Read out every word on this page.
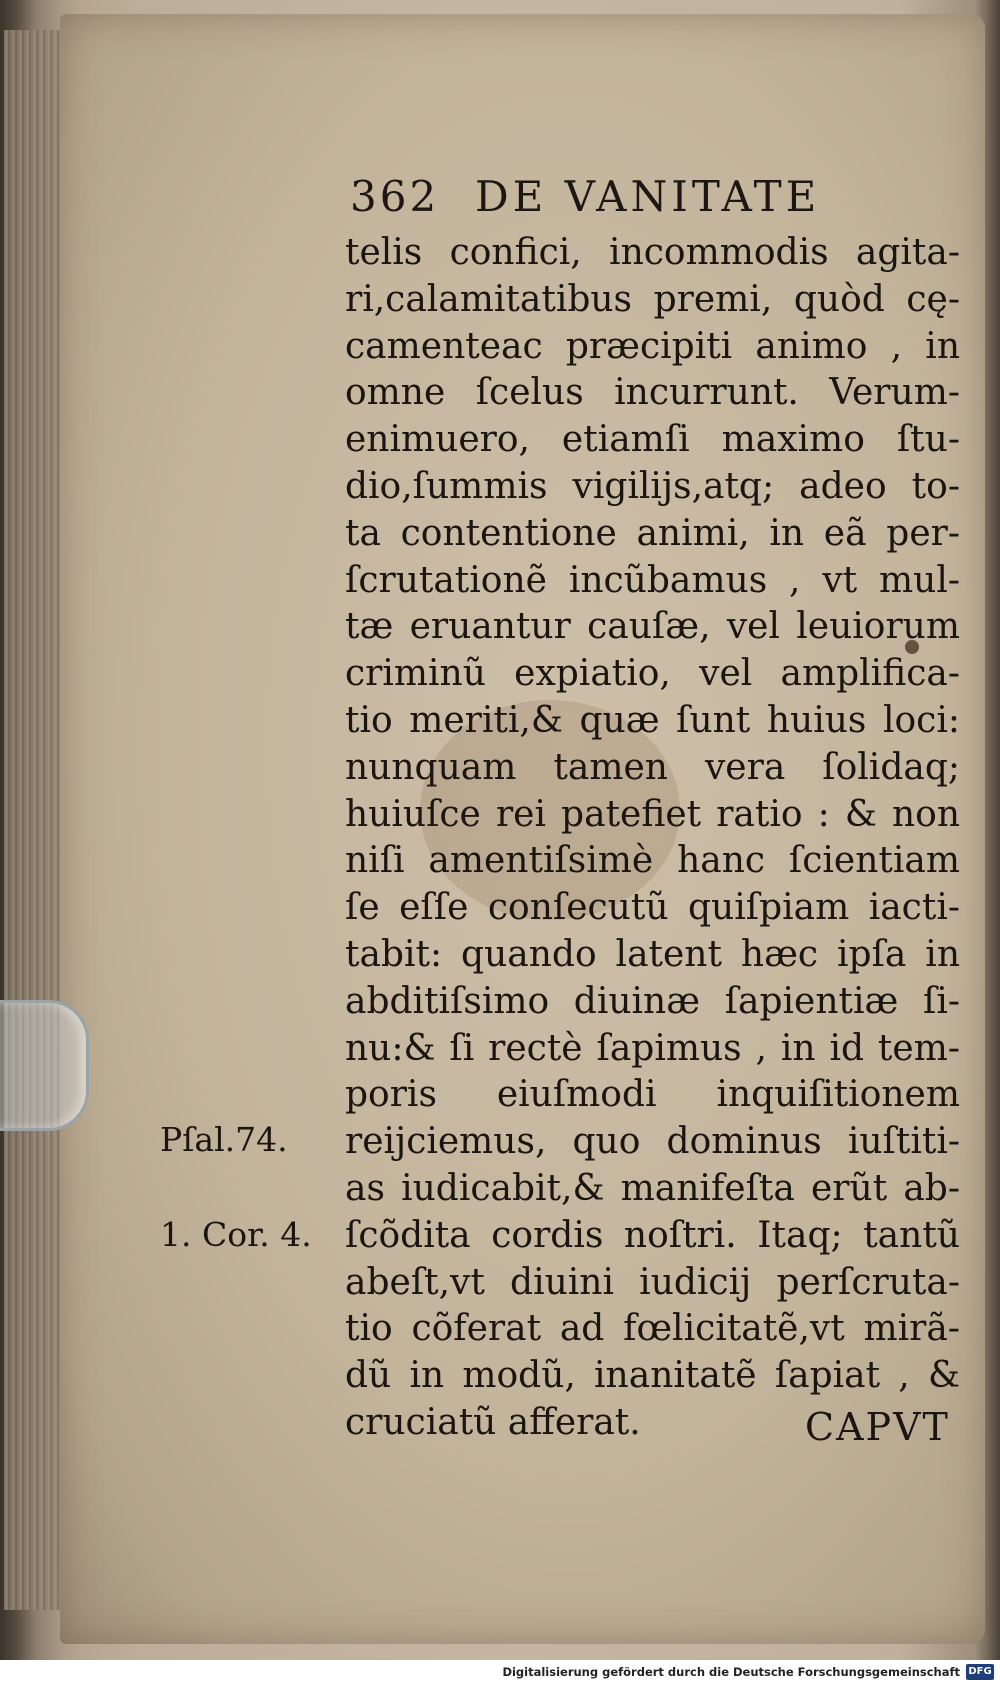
362 DE VANITATE
telis confici, incommodis agita-
ri,calamitatibus premi, quòd cę-
camenteac præcipiti animo , in
omne ſcelus incurrunt. Verum-
enimuero, etiamſi maximo ſtu-
dio,ſummis vigilijs,atq; adeo to-
ta contentione animi, in eã per-
ſcrutationẽ incũbamus , vt mul-
tæ eruantur cauſæ, vel leuiorum
criminũ expiatio, vel amplifica-
tio meriti,& quæ ſunt huius loci:
nunquam tamen vera ſolidaq;
huiuſce rei patefiet ratio : & non
niſi amentiſsimè hanc ſcientiam
ſe eſſe conſecutũ quiſpiam iacti-
tabit: quando latent hæc ipſa in
abditiſsimo diuinæ ſapientiæ ſi-
nu:& ſi rectè ſapimus , in id tem-
poris eiuſmodi inquiſitionem
reijciemus, quo dominus iuſtiti-
as iudicabit,& manifeſta erũt ab-
ſcõdita cordis noſtri. Itaq; tantũ
abeſt,vt diuini iudicij perſcruta-
tio cõferat ad fœlicitatẽ,vt mirã-
dũ in modũ, inanitatẽ ſapiat , &
cruciatũ afferat.
Pſal.74.
1. Cor. 4.
CAPVT
Digitalisierung gefördert durch die Deutsche Forschungsgemeinschaft DFG
